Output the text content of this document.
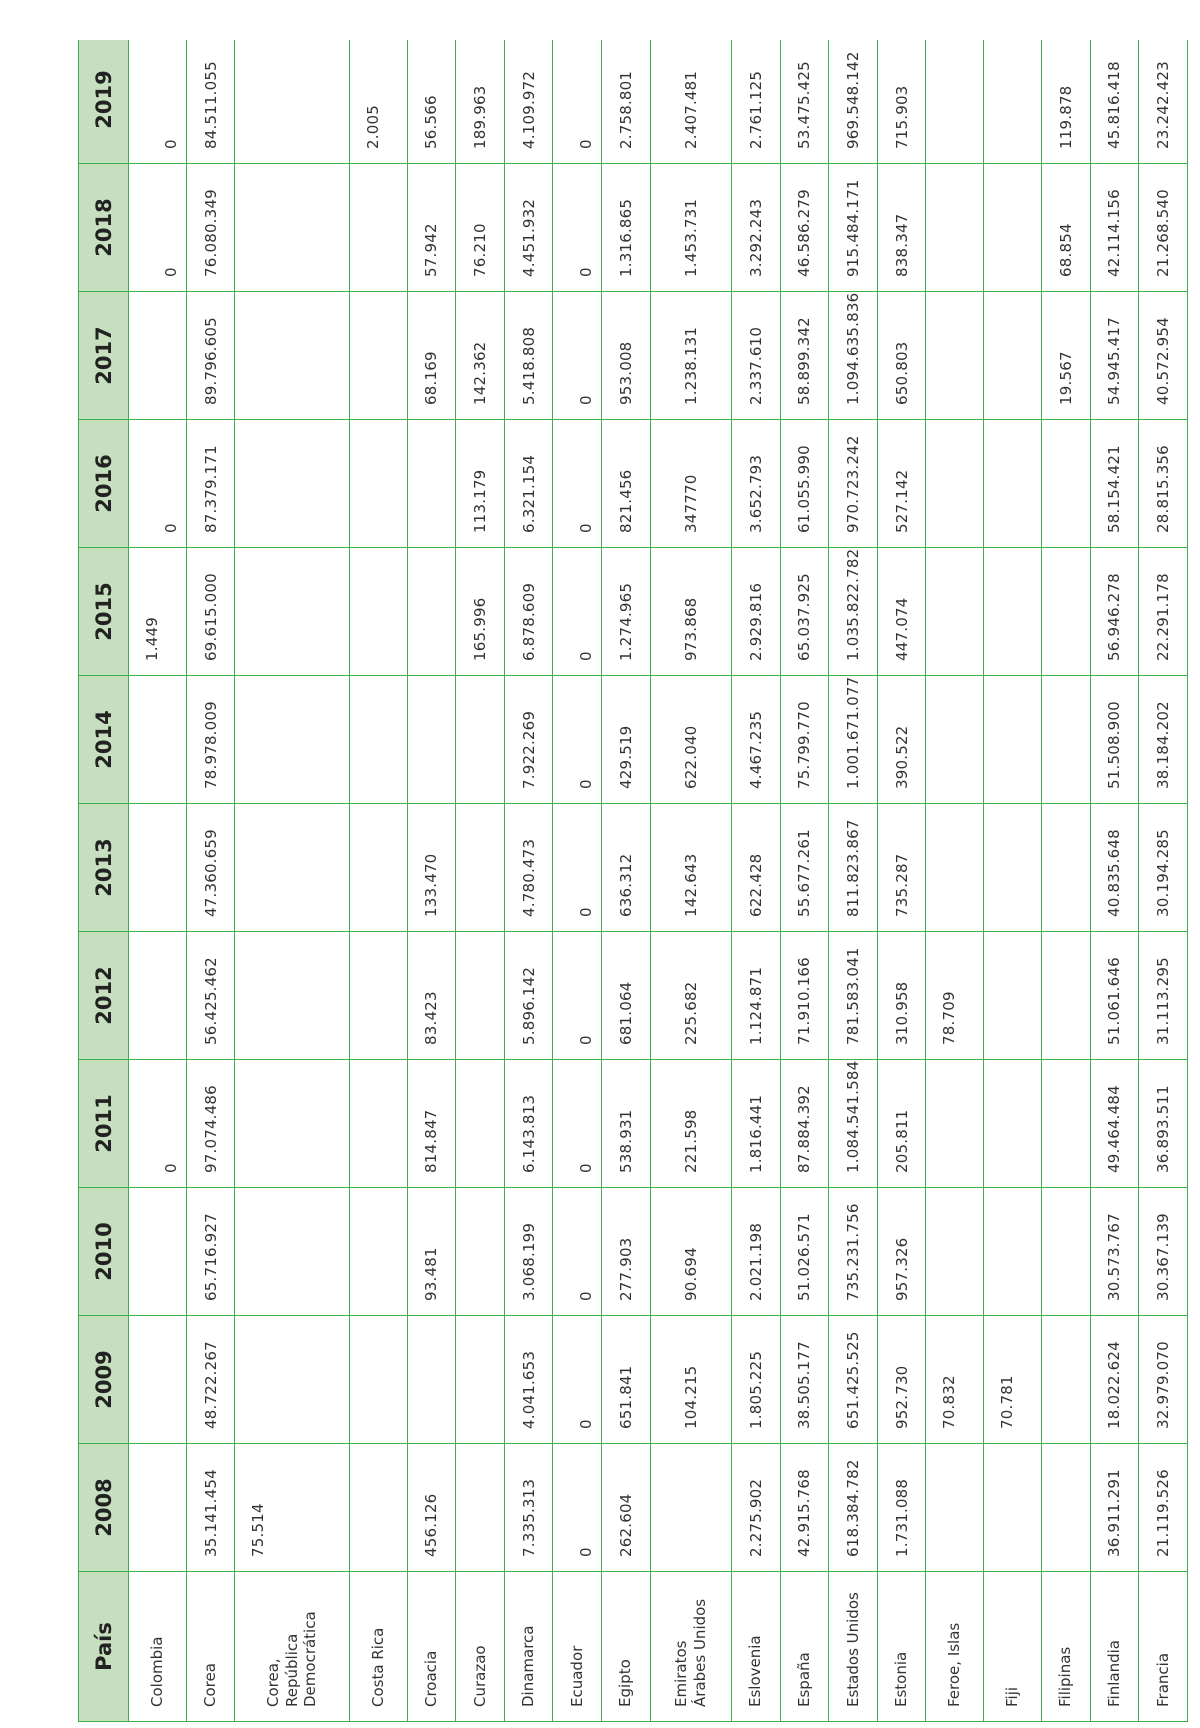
País	2008	2009	2010	2011	2012	2013	2014	2015	2016	2017	2018	2019
Colombia				0				1.449	0		0	0
Corea	35.141.454	48.722.267	65.716.927	97.074.486	56.425.462	47.360.659	78.978.009	69.615.000	87.379.171	89.796.605	76.080.349	84.511.055
Corea, República Democrática	75.514											
Costa Rica												2.005
Croacia	456.126		93.481	814.847	83.423	133.470				68.169	57.942	56.566
Curazao								165.996	113.179	142.362	76.210	189.963
Dinamarca	7.335.313	4.041.653	3.068.199	6.143.813	5.896.142	4.780.473	7.922.269	6.878.609	6.321.154	5.418.808	4.451.932	4.109.972
Ecuador	0	0	0	0	0	0	0	0	0	0	0	0
Egipto	262.604	651.841	277.903	538.931	681.064	636.312	429.519	1.274.965	821.456	953.008	1.316.865	2.758.801
Emiratos Árabes Unidos		104.215	90.694	221.598	225.682	142.643	622.040	973.868	347770	1.238.131	1.453.731	2.407.481
Eslovenia	2.275.902	1.805.225	2.021.198	1.816.441	1.124.871	622.428	4.467.235	2.929.816	3.652.793	2.337.610	3.292.243	2.761.125
España	42.915.768	38.505.177	51.026.571	87.884.392	71.910.166	55.677.261	75.799.770	65.037.925	61.055.990	58.899.342	46.586.279	53.475.425
Estados Unidos	618.384.782	651.425.525	735.231.756	1.084.541.584	781.583.041	811.823.867	1.001.671.077	1.035.822.782	970.723.242	1.094.635.836	915.484.171	969.548.142
Estonia	1.731.088	952.730	957.326	205.811	310.958	735.287	390.522	447.074	527.142	650.803	838.347	715.903
Feroe, Islas		70.832			78.709							
Fiji		70.781										
Filipinas										19.567	68.854	119.878
Finlandia	36.911.291	18.022.624	30.573.767	49.464.484	51.061.646	40.835.648	51.508.900	56.946.278	58.154.421	54.945.417	42.114.156	45.816.418
Francia	21.119.526	32.979.070	30.367.139	36.893.511	31.113.295	30.194.285	38.184.202	22.291.178	28.815.356	40.572.954	21.268.540	23.242.423
